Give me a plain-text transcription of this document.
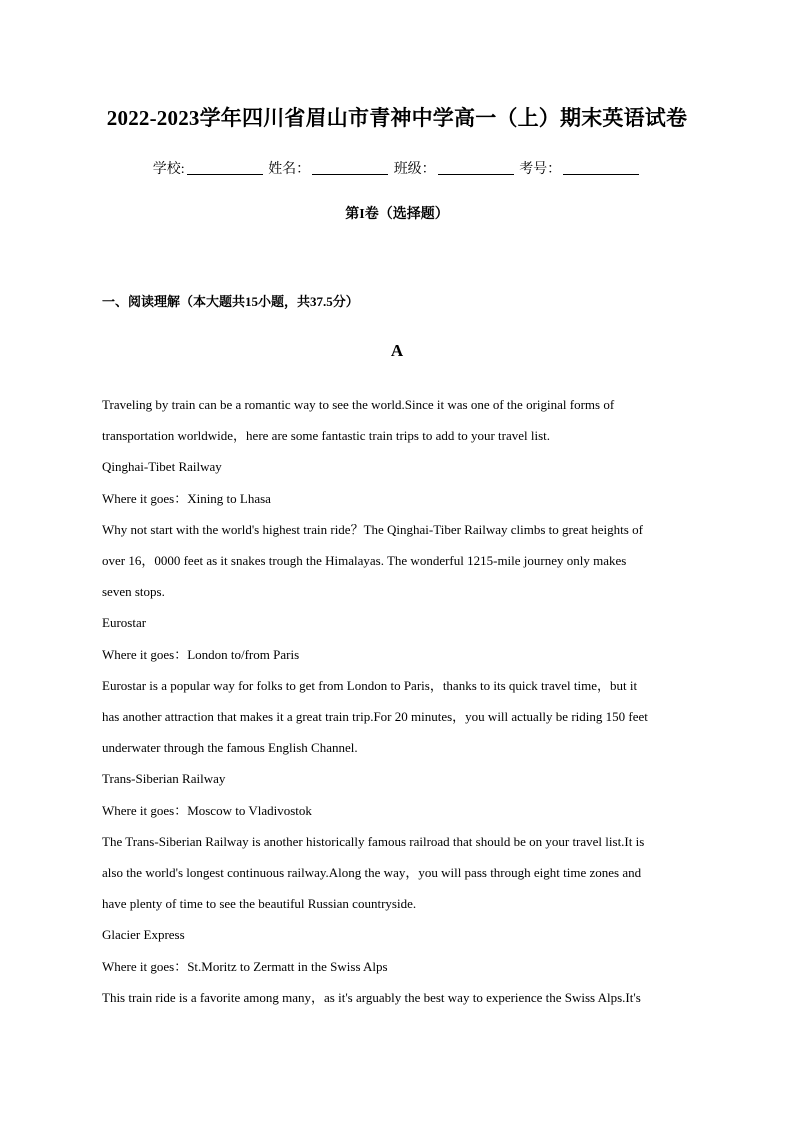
2022-2023学年四川省眉山市青神中学高一（上）期末英语试卷
学校:	姓名：	班级：	考号：
第I卷（选择题）
一、阅读理解（本大题共15小题，共37.5分）
A

Traveling by train can be a romantic way to see the world.Since it was one of the original forms of

transportation worldwide，here are some fantastic train trips to add to your travel list.

Qinghai-Tibet Railway

Where it goes：Xining to Lhasa

Why not start with the world's highest train ride？The Qinghai-Tiber Railway climbs to great heights of

over 16，0000 feet as it snakes trough the Himalayas. The wonderful 1215-mile journey only makes

seven stops.

Eurostar

Where it goes：London to/from Paris

Eurostar is a popular way for folks to get from London to Paris，thanks to its quick travel time，but it

has another attraction that makes it a great train trip.For 20 minutes，you will actually be riding 150 feet

underwater through the famous English Channel.

Trans-Siberian Railway

Where it goes：Moscow to Vladivostok

The Trans-Siberian Railway is another historically famous railroad that should be on your travel list.It is

also the world's longest continuous railway.Along the way，you will pass through eight time zones and

have plenty of time to see the beautiful Russian countryside.

Glacier Express

Where it goes：St.Moritz to Zermatt in the Swiss Alps

This train ride is a favorite among many，as it's arguably the best way to experience the Swiss Alps.It's
